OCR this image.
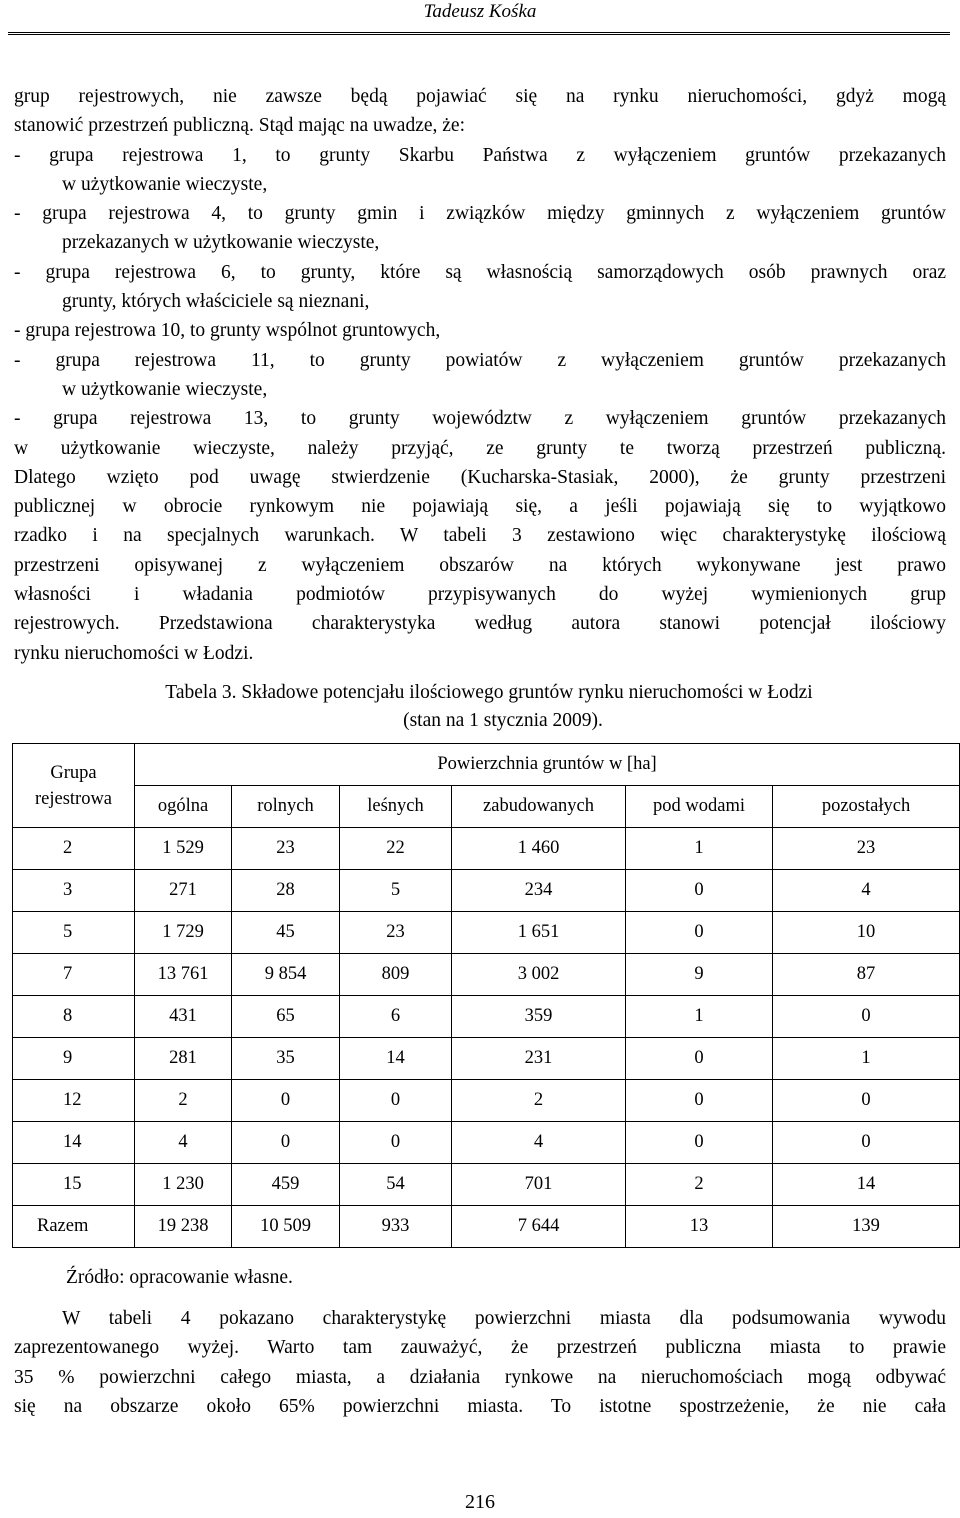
Tadeusz Kośka
grup rejestrowych, nie zawsze będą pojawiać się na rynku nieruchomości, gdyż mogą
stanowić przestrzeń publiczną. Stąd mając na uwadze, że:
- grupa rejestrowa 1, to grunty Skarbu Państwa z wyłączeniem gruntów przekazanych
w użytkowanie wieczyste,
- grupa rejestrowa 4, to grunty gmin i związków między gminnych z wyłączeniem gruntów
przekazanych w użytkowanie wieczyste,
- grupa rejestrowa 6, to grunty, które są własnością samorządowych osób prawnych oraz
grunty, których właściciele są nieznani,
- grupa rejestrowa 10, to grunty wspólnot gruntowych,
- grupa rejestrowa 11, to grunty powiatów z wyłączeniem gruntów przekazanych
w użytkowanie wieczyste,
- grupa rejestrowa 13, to grunty województw z wyłączeniem gruntów przekazanych
w użytkowanie wieczyste, należy przyjąć, ze grunty te tworzą przestrzeń publiczną.
Dlatego wzięto pod uwagę stwierdzenie (Kucharska-Stasiak, 2000), że grunty przestrzeni
publicznej w obrocie rynkowym nie pojawiają się, a jeśli pojawiają się to wyjątkowo
rzadko i na specjalnych warunkach. W tabeli 3 zestawiono więc charakterystykę ilościową
przestrzeni opisywanej z wyłączeniem obszarów na których wykonywane jest prawo
własności i władania podmiotów przypisywanych do wyżej wymienionych grup
rejestrowych. Przedstawiona charakterystyka według autora stanowi potencjał ilościowy
rynku nieruchomości w Łodzi.
Tabela 3. Składowe potencjału ilościowego gruntów rynku nieruchomości w Łodzi
(stan na 1 stycznia 2009).
Grupa
rejestrowa	Powierzchnia gruntów w [ha]					
	ogólna	rolnych	leśnych	zabudowanych	pod wodami	pozostałych
2	1 529	23	22	1 460	1	23
3	271	28	5	234	0	4
5	1 729	45	23	1 651	0	10
7	13 761	9 854	809	3 002	9	87
8	431	65	6	359	1	0
9	281	35	14	231	0	1
12	2	0	0	2	0	0
14	4	0	0	4	0	0
15	1 230	459	54	701	2	14
Razem	19 238	10 509	933	7 644	13	139
Źródło: opracowanie własne.
W tabeli 4 pokazano charakterystykę powierzchni miasta dla podsumowania wywodu
zaprezentowanego wyżej. Warto tam zauważyć, że przestrzeń publiczna miasta to prawie
35 % powierzchni całego miasta, a działania rynkowe na nieruchomościach mogą odbywać
się na obszarze około 65% powierzchni miasta. To istotne spostrzeżenie, że nie cała
216
